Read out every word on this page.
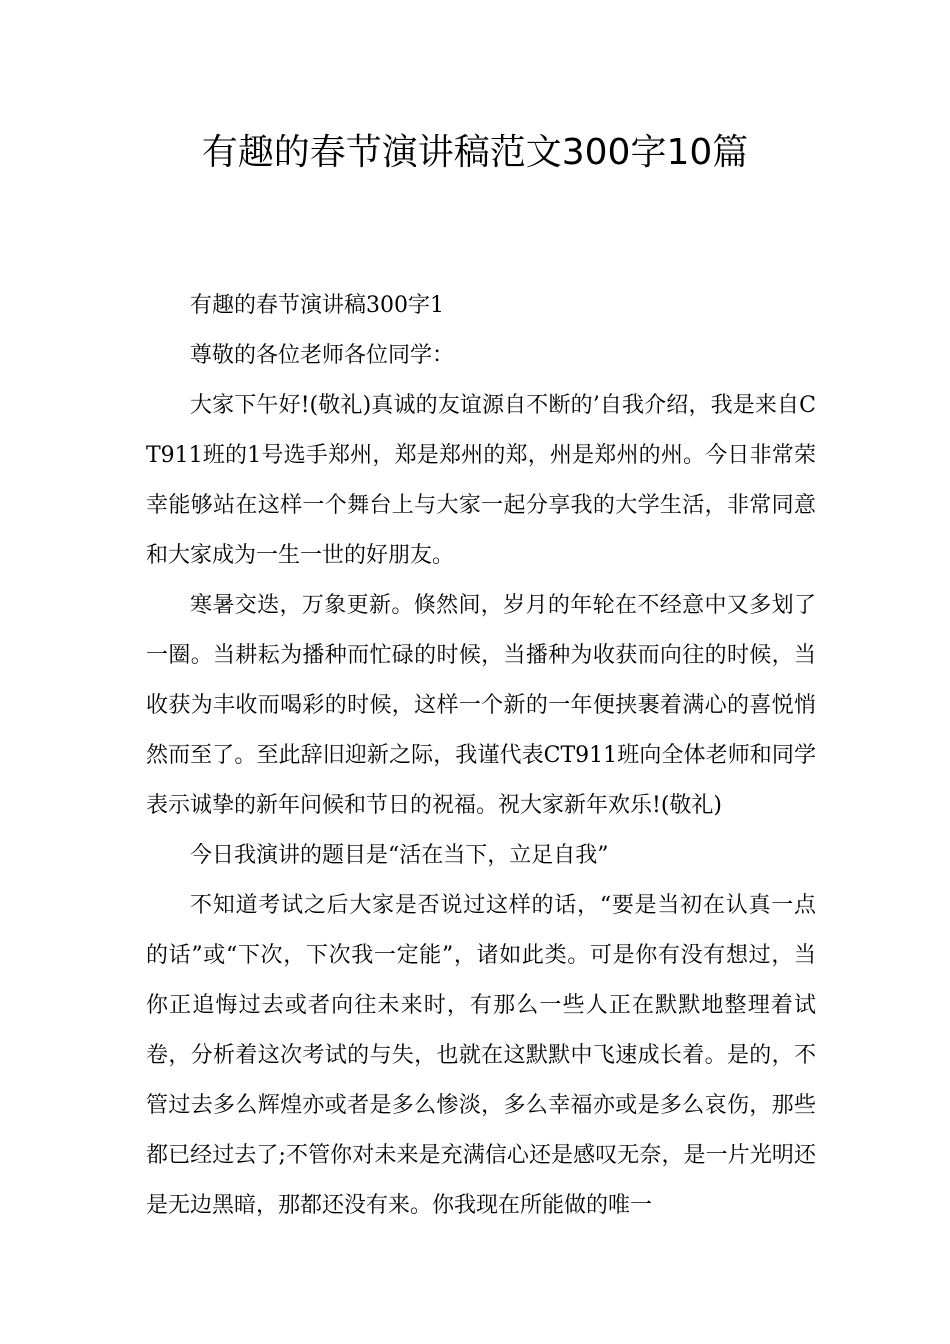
有趣的春节演讲稿范文300字10篇

有趣的春节演讲稿300字1

尊敬的各位老师各位同学：

大家下午好!(敬礼)真诚的友谊源自不断的’自我介绍，我是来自CT911班的1号选手郑州，郑是郑州的郑，州是郑州的州。今日非常荣幸能够站在这样一个舞台上与大家一起分享我的大学生活，非常同意和大家成为一生一世的好朋友。

寒暑交迭，万象更新。倏然间，岁月的年轮在不经意中又多划了一圈。当耕耘为播种而忙碌的时候，当播种为收获而向往的时候，当收获为丰收而喝彩的时候，这样一个新的一年便挟裹着满心的喜悦悄然而至了。至此辞旧迎新之际，我谨代表CT911班向全体老师和同学表示诚挚的新年问候和节日的祝福。祝大家新年欢乐!(敬礼)

今日我演讲的题目是“活在当下，立足自我”

不知道考试之后大家是否说过这样的话，“要是当初在认真一点的话”或“下次，下次我一定能”，诸如此类。可是你有没有想过，当你正追悔过去或者向往未来时，有那么一些人正在默默地整理着试卷，分析着这次考试的与失，也就在这默默中飞速成长着。是的，不管过去多么辉煌亦或者是多么惨淡，多么幸福亦或是多么哀伤，那些都已经过去了;不管你对未来是充满信心还是感叹无奈，是一片光明还是无边黑暗，那都还没有来。你我现在所能做的唯一
